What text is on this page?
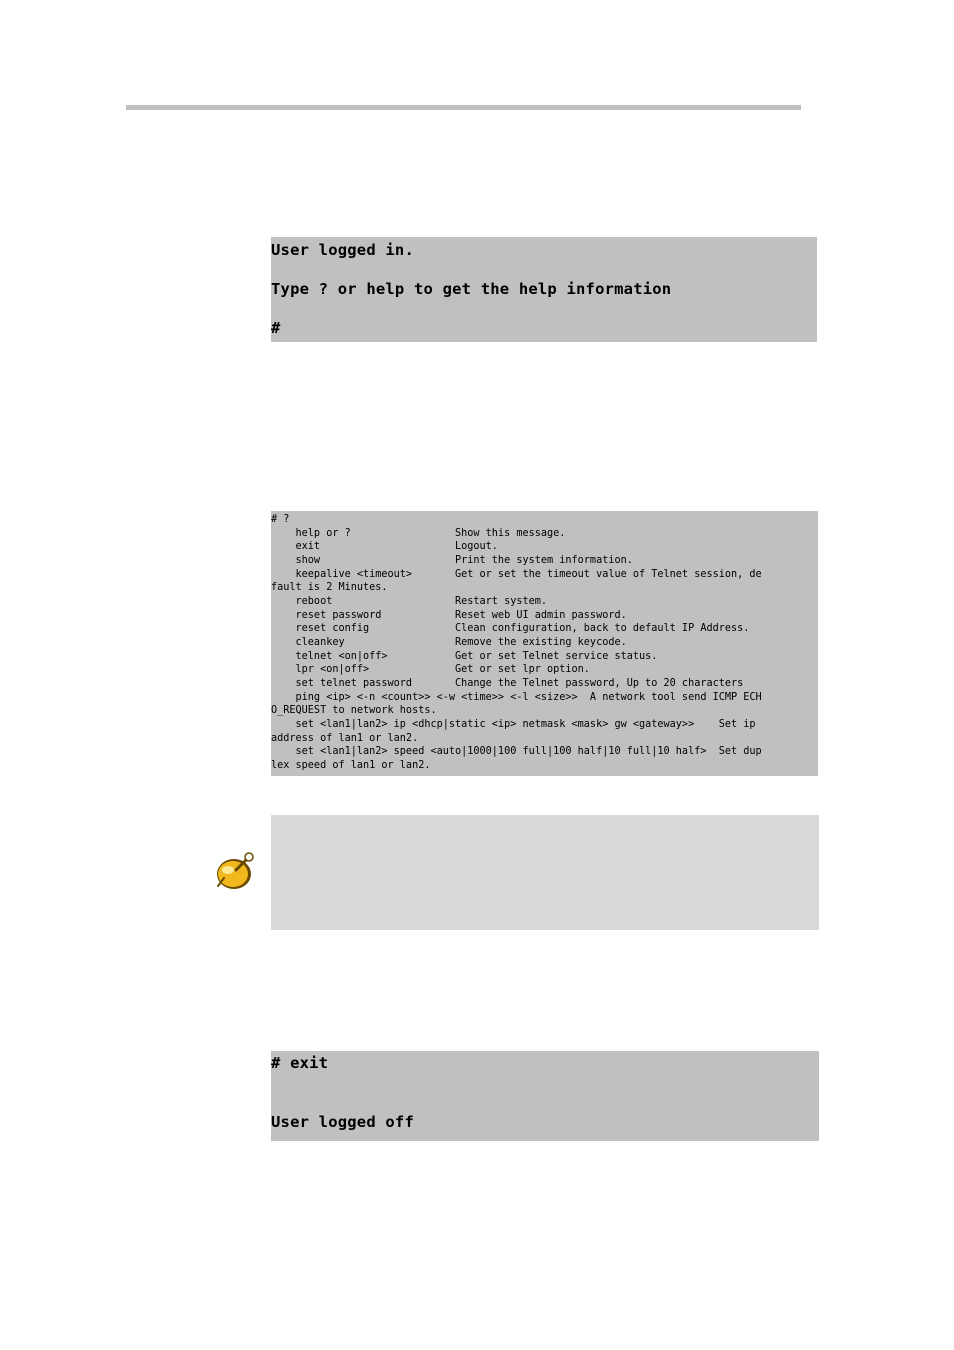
User logged in.
Type ? or help to get the help information
#
# ?
help or ?                 Show this message.
exit                      Logout.
show                      Print the system information.
keepalive <timeout>       Get or set the timeout value of Telnet session, de
fault is 2 Minutes.
reboot                    Restart system.
reset password            Reset web UI admin password.
reset config              Clean configuration, back to default IP Address.
cleankey                  Remove the existing keycode.
telnet <on|off>           Get or set Telnet service status.
lpr <on|off>              Get or set lpr option.
set telnet password       Change the Telnet password, Up to 20 characters
ping <ip> <-n <count>> <-w <time>> <-l <size>>  A network tool send ICMP ECH
O_REQUEST to network hosts.
set <lan1|lan2> ip <dhcp|static <ip> netmask <mask> gw <gateway>>    Set ip
address of lan1 or lan2.
set <lan1|lan2> speed <auto|1000|100 full|100 half|10 full|10 half>  Set dup
lex speed of lan1 or lan2.
# exit
User logged off
